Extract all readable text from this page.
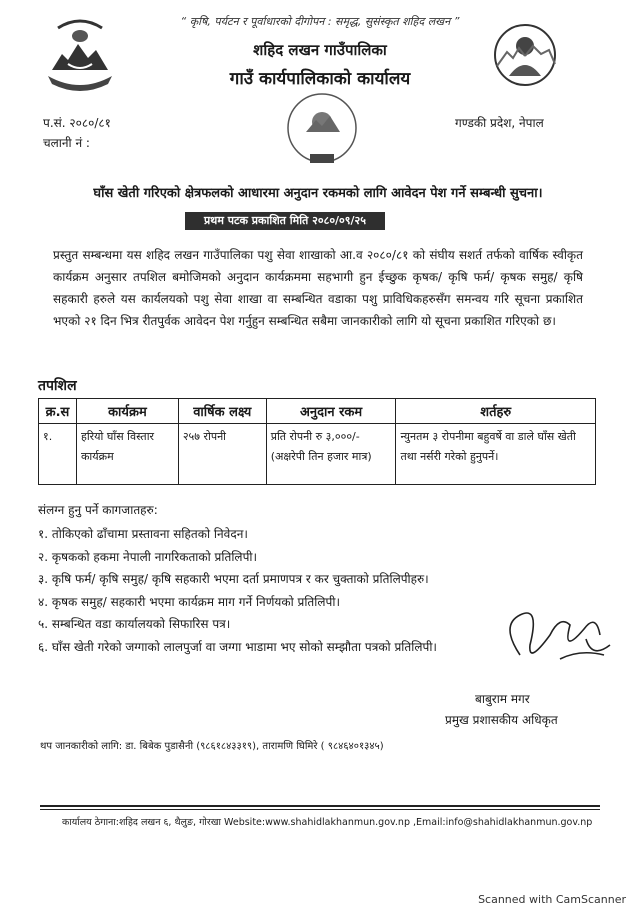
“ कृषि, पर्यटन र पूर्वाधारको दीगोपन : समृद्ध, सुसंस्कृत शहिद लखन ”
शहिद लखन गाउँपालिका
गाउँ कार्यपालिकाको कार्यालय
प.सं. २०८०/८१
चलानी नं :
गण्डकी प्रदेश, नेपाल
घाँस खेती गरिएको क्षेत्रफलको आधारमा अनुदान रकमको लागि आवेदन पेश गर्ने सम्बन्धी सुचना।
प्रथम पटक प्रकाशित मिति २०८०/०९/२५
प्रस्तुत सम्बन्धमा यस शहिद लखन गाउँपालिका पशु सेवा शाखाको आ.व २०८०/८१ को संघीय सशर्त तर्फको वार्षिक स्वीकृत कार्यक्रम अनुसार तपशिल बमोजिमको अनुदान कार्यक्रममा सहभागी हुन ईच्छुक कृषक/ कृषि फर्म/ कृषक समुह/ कृषि सहकारी हरुले यस कार्यलयको पशु सेवा शाखा वा सम्बन्धित वडाका पशु प्राविधिकहरुसँग समन्वय गरि सूचना प्रकाशित भएको २१ दिन भित्र रीतपुर्वक आवेदन पेश गर्नुहुन सम्बन्धित सबैमा जानकारीको लागि यो सूचना प्रकाशित गरिएको छ।
तपशिल
क्र.स	कार्यक्रम	वार्षिक लक्ष्य	अनुदान रकम	शर्तहरु
१.	हरियो घाँस विस्तार कार्यक्रम	२५७ रोपनी	प्रति रोपनी रु ३,०००/- (अक्षरेपी तिन हजार मात्र)	न्युनतम ३ रोपनीमा बहुवर्षे वा डाले घाँस खेती तथा नर्सरी गरेको हुनुपर्ने।
संलग्न हुनु पर्ने कागजातहरु:
१. तोकिएको ढाँचामा प्रस्तावना सहितको निवेदन।
२. कृषकको हकमा नेपाली नागरिकताको प्रतिलिपी।
३. कृषि फर्म/ कृषि समुह/ कृषि सहकारी भएमा दर्ता प्रमाणपत्र र कर चुक्ताको प्रतिलिपीहरु।
४. कृषक समुह/ सहकारी भएमा कार्यक्रम माग गर्ने निर्णयको प्रतिलिपी।
५. सम्बन्धित वडा कार्यालयको सिफारिस पत्र।
६. घाँस खेती गरेको जग्गाको लालपुर्जा वा जग्गा भाडामा भए सोको सम्झौता पत्रको प्रतिलिपी।
बाबुराम मगर
प्रमुख प्रशासकीय अधिकृत
थप जानकारीको लागि: डा. बिबेक पुडासैनी (९८६१८४३३१९), तारामणि घिमिरे ( ९८४६४०१३४५)
कार्यालय ठेगाना:शहिद लखन ६, थैलुङ, गोरखा Website:www.shahidlakhanmun.gov.np ,Email:info@shahidlakhanmun.gov.np
Scanned with CamScanner
